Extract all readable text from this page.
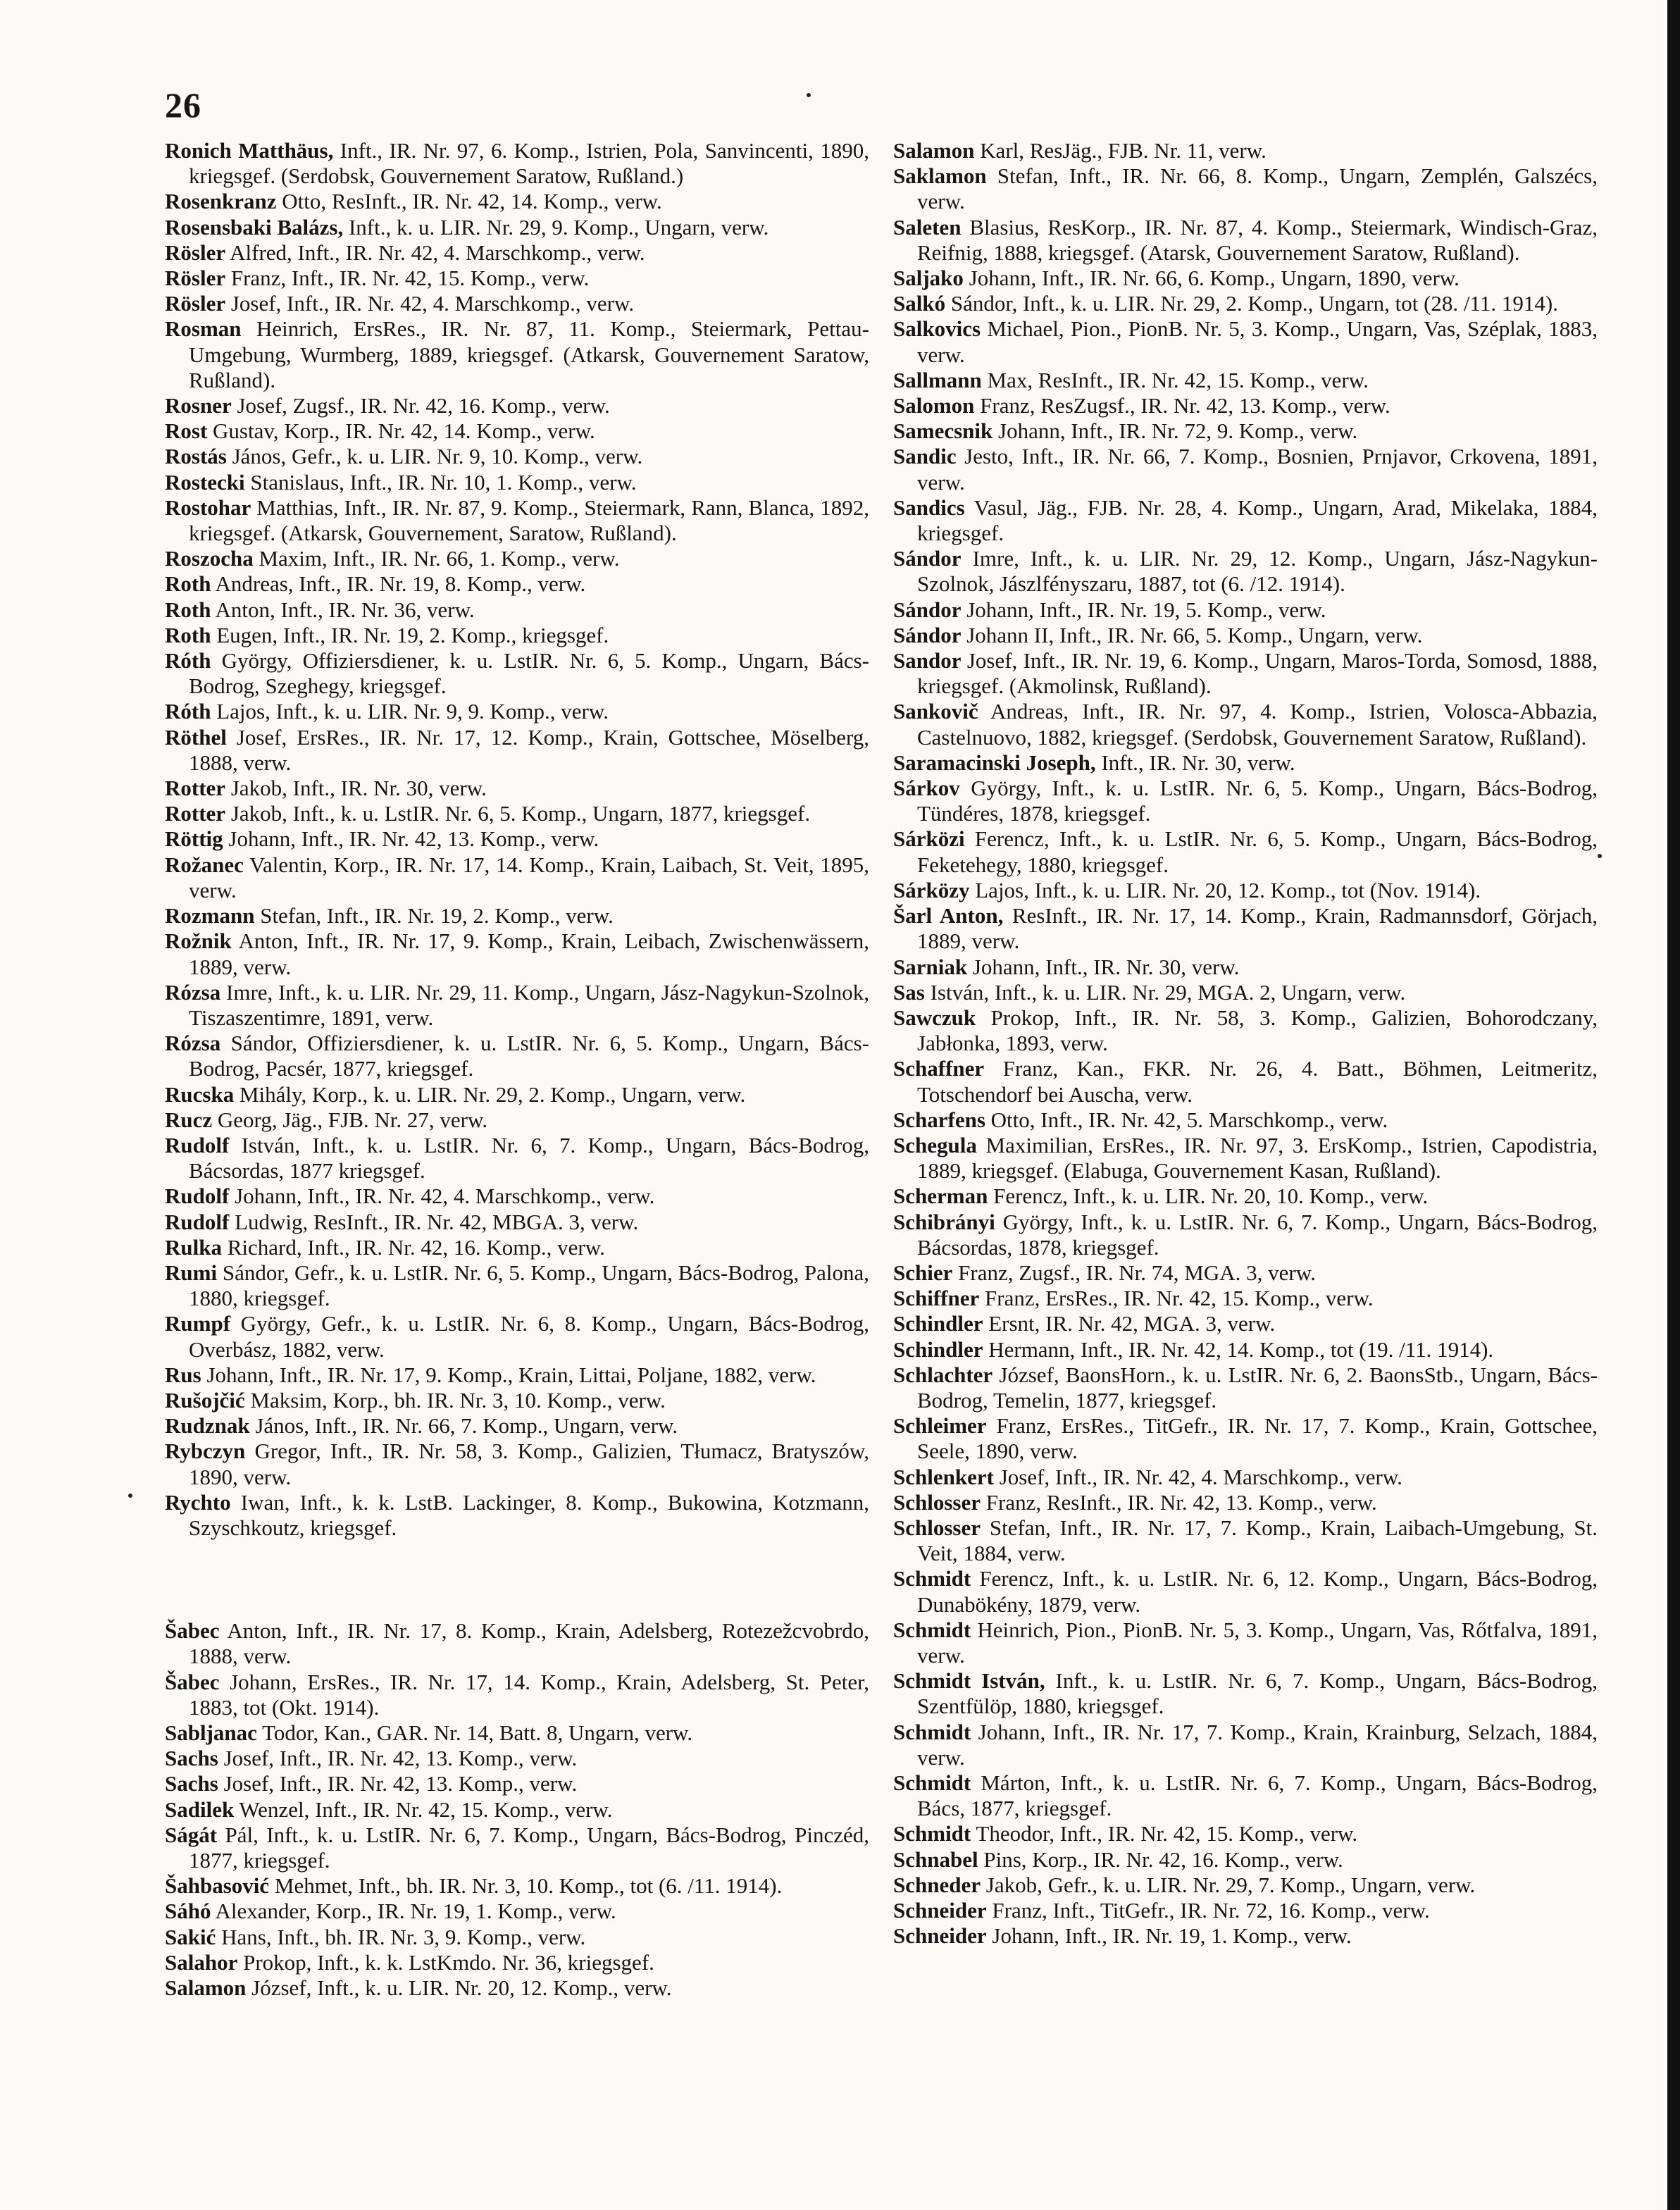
26

Ronich Matthäus, Inft., IR. Nr. 97, 6. Komp., Istrien, Pola, Sanvincenti, 1890, kriegsgef. (Serdobsk, Gouvernement Saratow, Rußland.)

Rosenkranz Otto, ResInft., IR. Nr. 42, 14. Komp., verw.

Rosensbaki Balázs, Inft., k. u. LIR. Nr. 29, 9. Komp., Ungarn, verw.

Rösler Alfred, Inft., IR. Nr. 42, 4. Marschkomp., verw.

Rösler Franz, Inft., IR. Nr. 42, 15. Komp., verw.

Rösler Josef, Inft., IR. Nr. 42, 4. Marschkomp., verw.

Rosman Heinrich, ErsRes., IR. Nr. 87, 11. Komp., Steiermark, Pettau-Umgebung, Wurmberg, 1889, kriegsgef. (Atkarsk, Gouvernement Saratow, Rußland).

Rosner Josef, Zugsf., IR. Nr. 42, 16. Komp., verw.

Rost Gustav, Korp., IR. Nr. 42, 14. Komp., verw.

Rostás János, Gefr., k. u. LIR. Nr. 9, 10. Komp., verw.

Rostecki Stanislaus, Inft., IR. Nr. 10, 1. Komp., verw.

Rostohar Matthias, Inft., IR. Nr. 87, 9. Komp., Steiermark, Rann, Blanca, 1892, kriegsgef. (Atkarsk, Gouvernement, Saratow, Rußland).

Roszocha Maxim, Inft., IR. Nr. 66, 1. Komp., verw.

Roth Andreas, Inft., IR. Nr. 19, 8. Komp., verw.

Roth Anton, Inft., IR. Nr. 36, verw.

Roth Eugen, Inft., IR. Nr. 19, 2. Komp., kriegsgef.

Róth György, Offiziersdiener, k. u. LstIR. Nr. 6, 5. Komp., Ungarn, Bács-Bodrog, Szeghegy, kriegsgef.

Róth Lajos, Inft., k. u. LIR. Nr. 9, 9. Komp., verw.

Röthel Josef, ErsRes., IR. Nr. 17, 12. Komp., Krain, Gottschee, Möselberg, 1888, verw.

Rotter Jakob, Inft., IR. Nr. 30, verw.

Rotter Jakob, Inft., k. u. LstIR. Nr. 6, 5. Komp., Ungarn, 1877, kriegsgef.

Röttig Johann, Inft., IR. Nr. 42, 13. Komp., verw.

Rožanec Valentin, Korp., IR. Nr. 17, 14. Komp., Krain, Laibach, St. Veit, 1895, verw.

Rozmann Stefan, Inft., IR. Nr. 19, 2. Komp., verw.

Rožnik Anton, Inft., IR. Nr. 17, 9. Komp., Krain, Leibach, Zwischenwässern, 1889, verw.

Rózsa Imre, Inft., k. u. LIR. Nr. 29, 11. Komp., Ungarn, Jász-Nagykun-Szolnok, Tiszaszentimre, 1891, verw.

Rózsa Sándor, Offiziersdiener, k. u. LstIR. Nr. 6, 5. Komp., Ungarn, Bács-Bodrog, Pacsér, 1877, kriegsgef.

Rucska Mihály, Korp., k. u. LIR. Nr. 29, 2. Komp., Ungarn, verw.

Rucz Georg, Jäg., FJB. Nr. 27, verw.

Rudolf István, Inft., k. u. LstIR. Nr. 6, 7. Komp., Ungarn, Bács-Bodrog, Bácsordas, 1877 kriegsgef.

Rudolf Johann, Inft., IR. Nr. 42, 4. Marschkomp., verw.

Rudolf Ludwig, ResInft., IR. Nr. 42, MBGA. 3, verw.

Rulka Richard, Inft., IR. Nr. 42, 16. Komp., verw.

Rumi Sándor, Gefr., k. u. LstIR. Nr. 6, 5. Komp., Ungarn, Bács-Bodrog, Palona, 1880, kriegsgef.

Rumpf György, Gefr., k. u. LstIR. Nr. 6, 8. Komp., Ungarn, Bács-Bodrog, Overbász, 1882, verw.

Rus Johann, Inft., IR. Nr. 17, 9. Komp., Krain, Littai, Poljane, 1882, verw.

Rušojčić Maksim, Korp., bh. IR. Nr. 3, 10. Komp., verw.

Rudznak János, Inft., IR. Nr. 66, 7. Komp., Ungarn, verw.

Rybczyn Gregor, Inft., IR. Nr. 58, 3. Komp., Galizien, Tłumacz, Bratyszów, 1890, verw.

Rychto Iwan, Inft., k. k. LstB. Lackinger, 8. Komp., Bukowina, Kotzmann, Szyschkoutz, kriegsgef.

Šabec Anton, Inft., IR. Nr. 17, 8. Komp., Krain, Adelsberg, Rotezežcvobrdo, 1888, verw.

Šabec Johann, ErsRes., IR. Nr. 17, 14. Komp., Krain, Adelsberg, St. Peter, 1883, tot (Okt. 1914).

Sabljanac Todor, Kan., GAR. Nr. 14, Batt. 8, Ungarn, verw.

Sachs Josef, Inft., IR. Nr. 42, 13. Komp., verw.

Sachs Josef, Inft., IR. Nr. 42, 13. Komp., verw.

Sadilek Wenzel, Inft., IR. Nr. 42, 15. Komp., verw.

Ságát Pál, Inft., k. u. LstIR. Nr. 6, 7. Komp., Ungarn, Bács-Bodrog, Pinczéd, 1877, kriegsgef.

Šahbasović Mehmet, Inft., bh. IR. Nr. 3, 10. Komp., tot (6. /11. 1914).

Sáhó Alexander, Korp., IR. Nr. 19, 1. Komp., verw.

Sakić Hans, Inft., bh. IR. Nr. 3, 9. Komp., verw.

Salahor Prokop, Inft., k. k. LstKmdo. Nr. 36, kriegsgef.

Salamon József, Inft., k. u. LIR. Nr. 20, 12. Komp., verw.

Salamon Karl, ResJäg., FJB. Nr. 11, verw.

Saklamon Stefan, Inft., IR. Nr. 66, 8. Komp., Ungarn, Zemplén, Galszécs, verw.

Saleten Blasius, ResKorp., IR. Nr. 87, 4. Komp., Steiermark, Windisch-Graz, Reifnig, 1888, kriegsgef. (Atarsk, Gouvernement Saratow, Rußland).

Saljako Johann, Inft., IR. Nr. 66, 6. Komp., Ungarn, 1890, verw.

Salkó Sándor, Inft., k. u. LIR. Nr. 29, 2. Komp., Ungarn, tot (28. /11. 1914).

Salkovics Michael, Pion., PionB. Nr. 5, 3. Komp., Ungarn, Vas, Széplak, 1883, verw.

Sallmann Max, ResInft., IR. Nr. 42, 15. Komp., verw.

Salomon Franz, ResZugsf., IR. Nr. 42, 13. Komp., verw.

Samecsnik Johann, Inft., IR. Nr. 72, 9. Komp., verw.

Sandic Jesto, Inft., IR. Nr. 66, 7. Komp., Bosnien, Prnjavor, Crkovena, 1891, verw.

Sandics Vasul, Jäg., FJB. Nr. 28, 4. Komp., Ungarn, Arad, Mikelaka, 1884, kriegsgef.

Sándor Imre, Inft., k. u. LIR. Nr. 29, 12. Komp., Ungarn, Jász-Nagykun-Szolnok, Jászlfényszaru, 1887, tot (6. /12. 1914).

Sándor Johann, Inft., IR. Nr. 19, 5. Komp., verw.

Sándor Johann II, Inft., IR. Nr. 66, 5. Komp., Ungarn, verw.

Sandor Josef, Inft., IR. Nr. 19, 6. Komp., Ungarn, Maros-Torda, Somosd, 1888, kriegsgef. (Akmolinsk, Rußland).

Sankovič Andreas, Inft., IR. Nr. 97, 4. Komp., Istrien, Volosca-Abbazia, Castelnuovo, 1882, kriegsgef. (Serdobsk, Gouvernement Saratow, Rußland).

Saramacinski Joseph, Inft., IR. Nr. 30, verw.

Sárkov György, Inft., k. u. LstIR. Nr. 6, 5. Komp., Ungarn, Bács-Bodrog, Tündéres, 1878, kriegsgef.

Sárközi Ferencz, Inft., k. u. LstIR. Nr. 6, 5. Komp., Ungarn, Bács-Bodrog, Feketehegy, 1880, kriegsgef.

Sárközy Lajos, Inft., k. u. LIR. Nr. 20, 12. Komp., tot (Nov. 1914).

Šarl Anton, ResInft., IR. Nr. 17, 14. Komp., Krain, Radmannsdorf, Görjach, 1889, verw.

Sarniak Johann, Inft., IR. Nr. 30, verw.

Sas István, Inft., k. u. LIR. Nr. 29, MGA. 2, Ungarn, verw.

Sawczuk Prokop, Inft., IR. Nr. 58, 3. Komp., Galizien, Bohorodczany, Jabłonka, 1893, verw.

Schaffner Franz, Kan., FKR. Nr. 26, 4. Batt., Böhmen, Leitmeritz, Totschendorf bei Auscha, verw.

Scharfens Otto, Inft., IR. Nr. 42, 5. Marschkomp., verw.

Schegula Maximilian, ErsRes., IR. Nr. 97, 3. ErsKomp., Istrien, Capodistria, 1889, kriegsgef. (Elabuga, Gouvernement Kasan, Rußland).

Scherman Ferencz, Inft., k. u. LIR. Nr. 20, 10. Komp., verw.

Schibrányi György, Inft., k. u. LstIR. Nr. 6, 7. Komp., Ungarn, Bács-Bodrog, Bácsordas, 1878, kriegsgef.

Schier Franz, Zugsf., IR. Nr. 74, MGA. 3, verw.

Schiffner Franz, ErsRes., IR. Nr. 42, 15. Komp., verw.

Schindler Ersnt, IR. Nr. 42, MGA. 3, verw.

Schindler Hermann, Inft., IR. Nr. 42, 14. Komp., tot (19. /11. 1914).

Schlachter József, BaonsHorn., k. u. LstIR. Nr. 6, 2. BaonsStb., Ungarn, Bács-Bodrog, Temelin, 1877, kriegsgef.

Schleimer Franz, ErsRes., TitGefr., IR. Nr. 17, 7. Komp., Krain, Gottschee, Seele, 1890, verw.

Schlenkert Josef, Inft., IR. Nr. 42, 4. Marschkomp., verw.

Schlosser Franz, ResInft., IR. Nr. 42, 13. Komp., verw.

Schlosser Stefan, Inft., IR. Nr. 17, 7. Komp., Krain, Laibach-Umgebung, St. Veit, 1884, verw.

Schmidt Ferencz, Inft., k. u. LstIR. Nr. 6, 12. Komp., Ungarn, Bács-Bodrog, Dunabökény, 1879, verw.

Schmidt Heinrich, Pion., PionB. Nr. 5, 3. Komp., Ungarn, Vas, Rőtfalva, 1891, verw.

Schmidt István, Inft., k. u. LstIR. Nr. 6, 7. Komp., Ungarn, Bács-Bodrog, Szentfülöp, 1880, kriegsgef.

Schmidt Johann, Inft., IR. Nr. 17, 7. Komp., Krain, Krainburg, Selzach, 1884, verw.

Schmidt Márton, Inft., k. u. LstIR. Nr. 6, 7. Komp., Ungarn, Bács-Bodrog, Bács, 1877, kriegsgef.

Schmidt Theodor, Inft., IR. Nr. 42, 15. Komp., verw.

Schnabel Pins, Korp., IR. Nr. 42, 16. Komp., verw.

Schneder Jakob, Gefr., k. u. LIR. Nr. 29, 7. Komp., Ungarn, verw.

Schneider Franz, Inft., TitGefr., IR. Nr. 72, 16. Komp., verw.

Schneider Johann, Inft., IR. Nr. 19, 1. Komp., verw.
